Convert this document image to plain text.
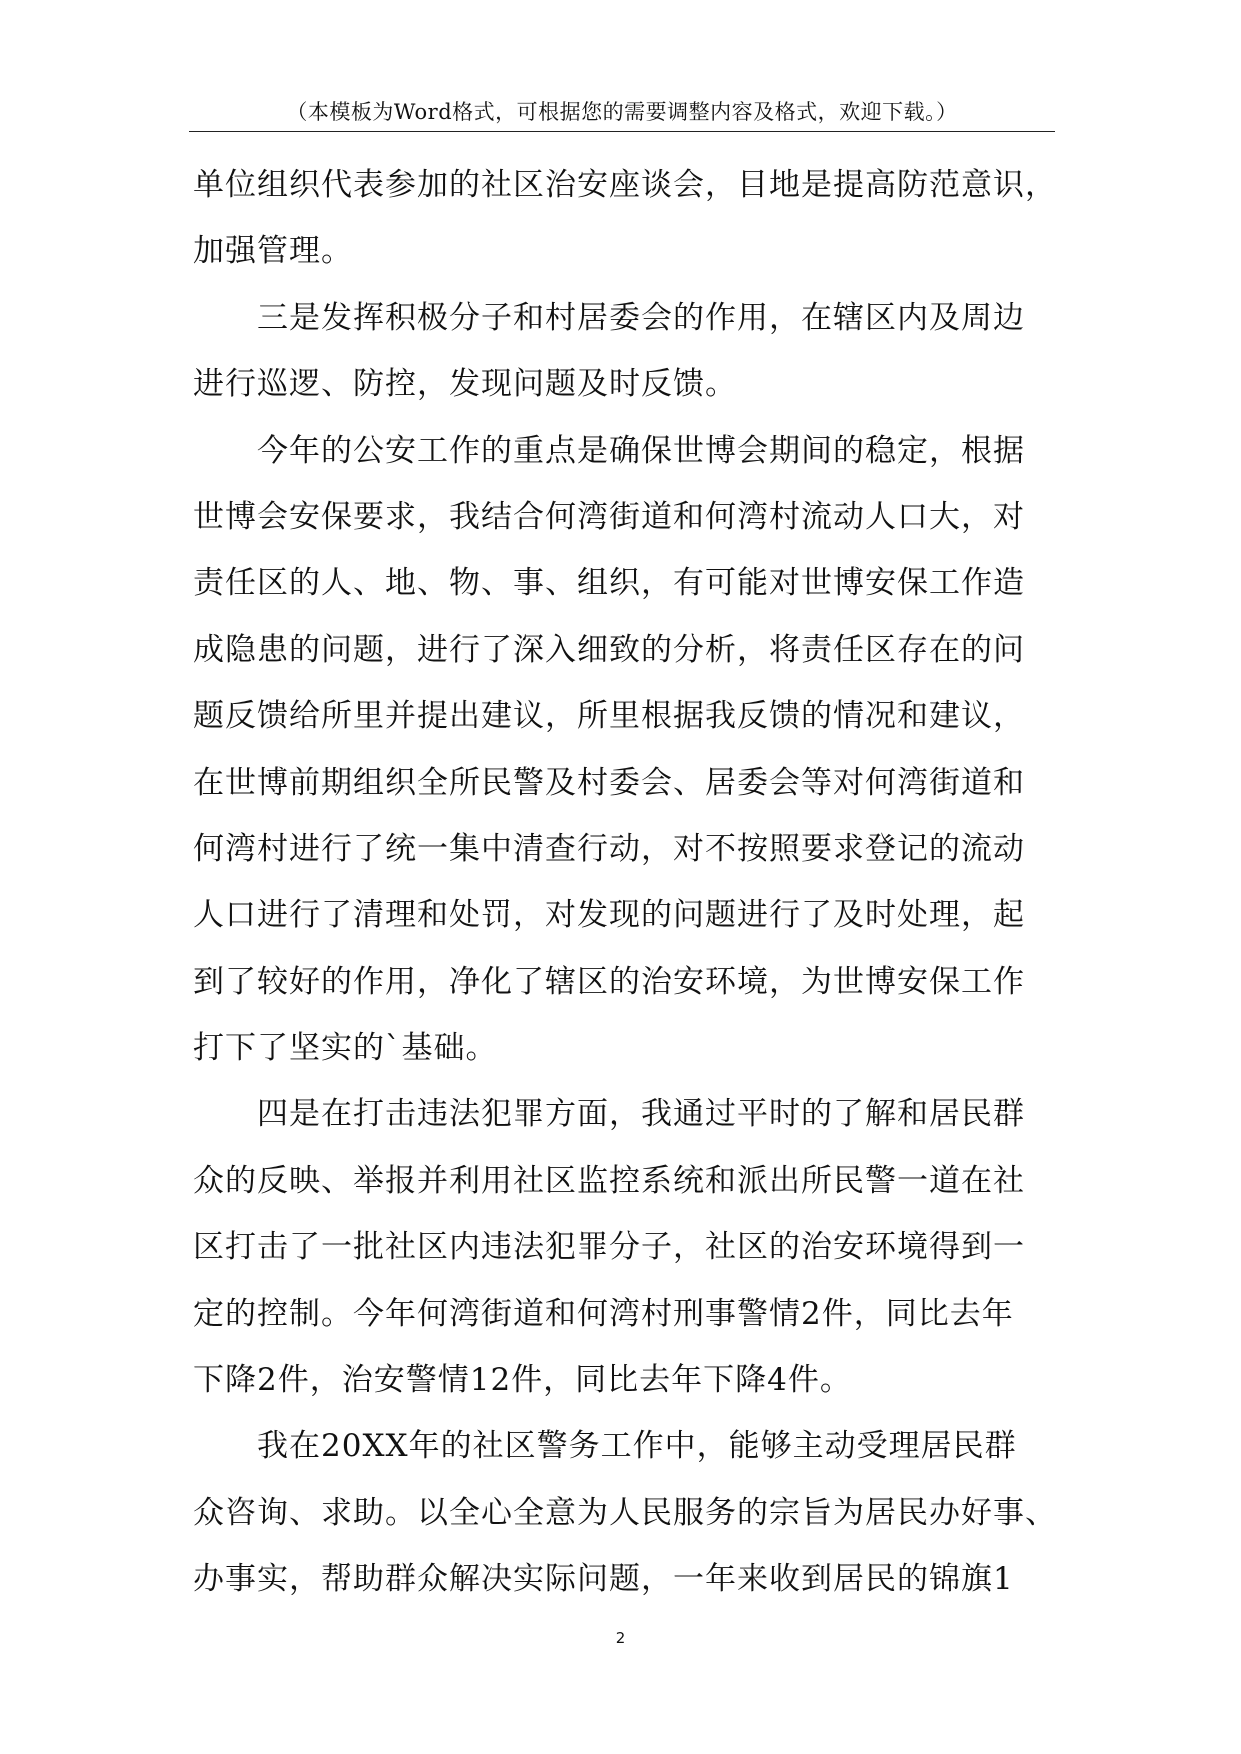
（本模板为Word格式，可根据您的需要调整内容及格式，欢迎下载。）
单位组织代表参加的社区治安座谈会，目地是提高防范意识，
加强管理。
三是发挥积极分子和村居委会的作用，在辖区内及周边
进行巡逻、防控，发现问题及时反馈。
今年的公安工作的重点是确保世博会期间的稳定，根据
世博会安保要求，我结合何湾街道和何湾村流动人口大，对
责任区的人、地、物、事、组织，有可能对世博安保工作造
成隐患的问题，进行了深入细致的分析，将责任区存在的问
题反馈给所里并提出建议，所里根据我反馈的情况和建议，
在世博前期组织全所民警及村委会、居委会等对何湾街道和
何湾村进行了统一集中清查行动，对不按照要求登记的流动
人口进行了清理和处罚，对发现的问题进行了及时处理，起
到了较好的作用，净化了辖区的治安环境，为世博安保工作
打下了坚实的`基础。
四是在打击违法犯罪方面，我通过平时的了解和居民群
众的反映、举报并利用社区监控系统和派出所民警一道在社
区打击了一批社区内违法犯罪分子，社区的治安环境得到一
定的控制。今年何湾街道和何湾村刑事警情2件，同比去年
下降2件，治安警情12件，同比去年下降4件。
我在20XX年的社区警务工作中，能够主动受理居民群
众咨询、求助。以全心全意为人民服务的宗旨为居民办好事、
办事实，帮助群众解决实际问题，一年来收到居民的锦旗1
2
